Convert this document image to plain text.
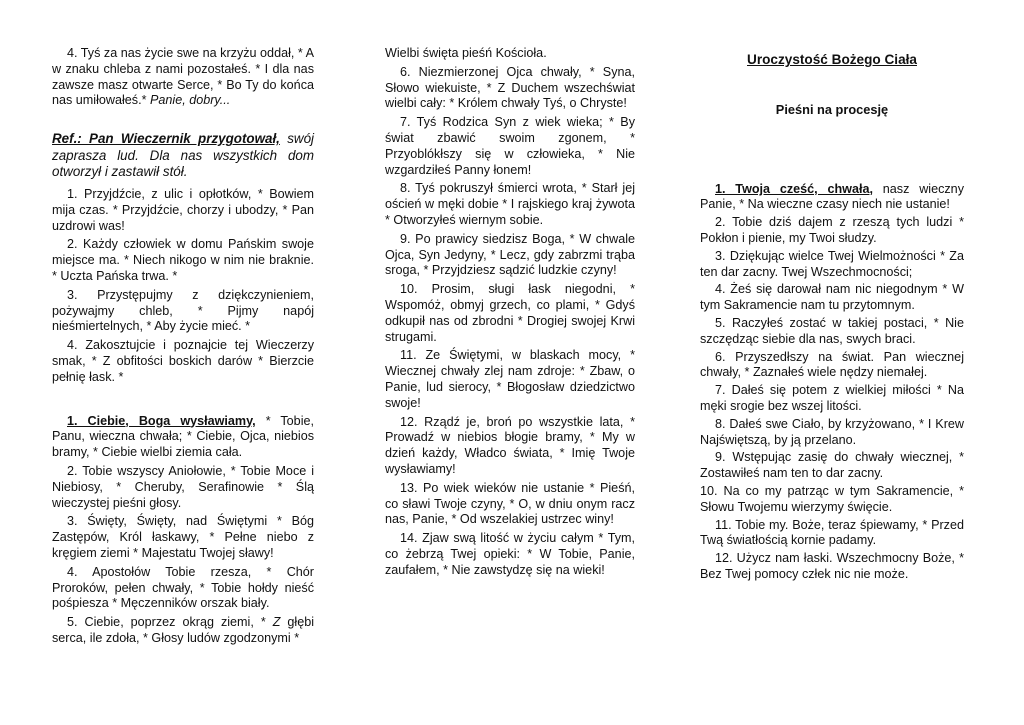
4. Tyś za nas życie swe na krzyżu oddał, * A w znaku chleba z nami pozostałeś. * I dla nas zawsze masz otwarte Serce, * Bo Ty do końca nas umiłowałeś.* Panie, dobry...

Ref.: Pan Wieczernik przygotował, swój zaprasza lud. Dla nas wszystkich dom otworzył i zastawił stół.

1. Przyjdźcie, z ulic i opłotków, * Bowiem mija czas. * Przyjdźcie, chorzy i ubodzy, * Pan uzdrowi was!

2. Każdy człowiek w domu Pańskim swoje miejsce ma. * Niech nikogo w nim nie braknie. * Uczta Pańska trwa. *

3. Przystępujmy z dziękczynieniem, pożywajmy chleb, * Pijmy napój nieśmiertelnych, * Aby życie mieć. *

4. Zakosztujcie i poznajcie tej Wieczerzy smak, * Z obfitości boskich darów * Bierzcie pełnię łask. *

1. Ciebie, Boga wysławiamy, * Tobie, Panu, wieczna chwała; * Ciebie, Ojca, niebios bramy, * Ciebie wielbi ziemia cała.

2. Tobie wszyscy Aniołowie, * Tobie Moce i Niebiosy, * Cheruby, Serafinowie * Ślą wieczystej pieśni głosy.

3. Święty, Święty, nad Świętymi * Bóg Zastępów, Król łaskawy, * Pełne niebo z kręgiem ziemi * Majestatu Twojej sławy!

4. Apostołów Tobie rzesza, * Chór Proroków, pełen chwały, * Tobie hołdy nieść pośpiesza * Męczenników orszak biały.

5. Ciebie, poprzez okrąg ziemi, * Z głębi serca, ile zdoła, * Głosy ludów zgodzonymi *

Wielbi święta pieśń Kościoła.

6. Niezmierzonej Ojca chwały, * Syna, Słowo wiekuiste, * Z Duchem wszechświat wielbi cały: * Królem chwały Tyś, o Chryste!

7. Tyś Rodzica Syn z wiek wieka; * By świat zbawić swoim zgonem, * Przyoblókłszy się w człowieka, * Nie wzgardziłeś Panny łonem!

8. Tyś pokruszył śmierci wrota, * Starł jej oścień w męki dobie * I rajskiego kraj żywota * Otworzyłeś wiernym sobie.

9. Po prawicy siedzisz Boga, * W chwale Ojca, Syn Jedyny, * Lecz, gdy zabrzmi trąba sroga, * Przyjdziesz sądzić ludzkie czyny!

10. Prosim, sługi łask niegodni, * Wspomóż, obmyj grzech, co plami, * Gdyś odkupił nas od zbrodni * Drogiej swojej Krwi strugami.

11. Ze Świętymi, w blaskach mocy, * Wiecznej chwały zlej nam zdroje: * Zbaw, o Panie, lud sierocy, * Błogosław dziedzictwo swoje!

12. Rządź je, broń po wszystkie lata, * Prowadź w niebios błogie bramy, * My w dzień każdy, Władco świata, * Imię Twoje wysławiamy!

13. Po wiek wieków nie ustanie * Pieśń, co sławi Twoje czyny, * O, w dniu onym racz nas, Panie, * Od wszelakiej ustrzec winy!

14. Zjaw swą litość w życiu całym * Tym, co żebrzą Twej opieki: * W Tobie, Panie, zaufałem, * Nie zawstydzę się na wieki!

Uroczystość Bożego Ciała
Pieśni na procesję

1. Twoja cześć, chwała, nasz wieczny Panie, * Na wieczne czasy niech nie ustanie!

2. Tobie dziś dajem z rzeszą tych ludzi * Pokłon i pienie, my Twoi słudzy.

3. Dziękując wielce Twej Wielmożności * Za ten dar zacny. Twej Wszechmocności;

4. Żeś się darował nam nic niegodnym * W tym Sakramencie nam tu przytomnym.

5. Raczyłeś zostać w takiej postaci, * Nie szczędząc siebie dla nas, swych braci.

6. Przyszedłszy na świat. Pan wiecznej chwały, * Zaznałeś wiele nędzy niemałej.

7. Dałeś się potem z wielkiej miłości * Na męki srogie bez wszej litości.

8. Dałeś swe Ciało, by krzyżowano, * I Krew Najświętszą, by ją przelano.

9. Wstępując zasię do chwały wiecznej, * Zostawiłeś nam ten to dar zacny.

10. Na co my patrząc w tym Sakramencie, * Słowu Twojemu wierzymy święcie.

11. Tobie my. Boże, teraz śpiewamy, * Przed Twą światłością kornie padamy.

12. Użycz nam łaski. Wszechmocny Boże, * Bez Twej pomocy człek nic nie może.
